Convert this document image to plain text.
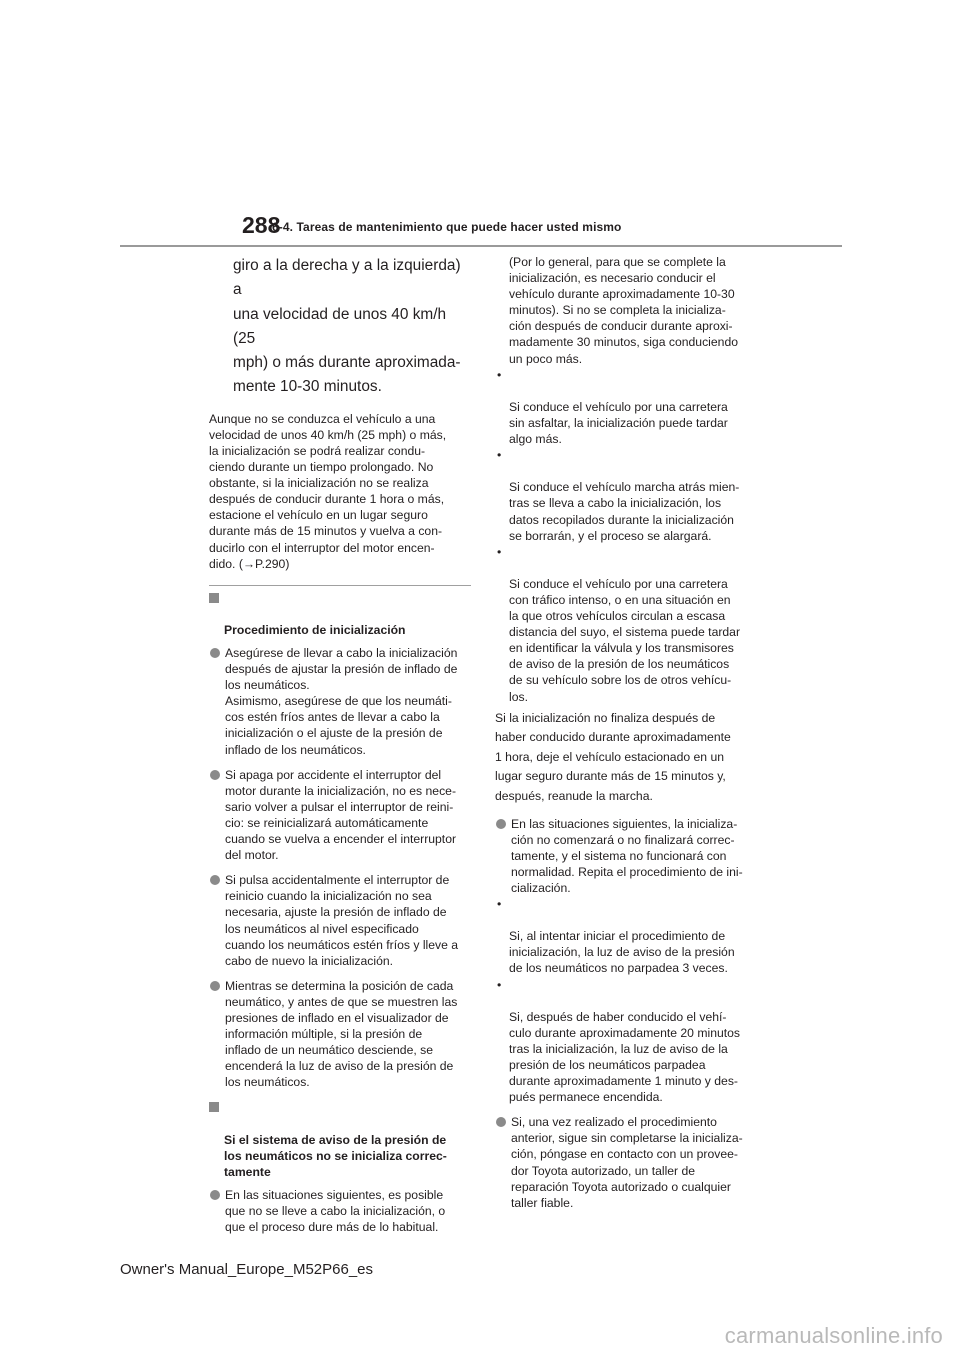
288
6-4. Tareas de mantenimiento que puede hacer usted mismo

giro a la derecha y a la izquierda) a
una velocidad de unos 40 km/h (25
mph) o más durante aproximada-
mente 10-30 minutos.

Aunque no se conduzca el vehículo a una
velocidad de unos 40 km/h (25 mph) o más,
la inicialización se podrá realizar condu-
ciendo durante un tiempo prolongado. No
obstante, si la inicialización no se realiza
después de conducir durante 1 hora o más,
estacione el vehículo en un lugar seguro
durante más de 15 minutos y vuelva a con-
ducirlo con el interruptor del motor encen-
dido. (→P.290)

Procedimiento de inicialización

Asegúrese de llevar a cabo la inicialización
después de ajustar la presión de inflado de
los neumáticos.
Asimismo, asegúrese de que los neumáti-
cos estén fríos antes de llevar a cabo la
inicialización o el ajuste de la presión de
inflado de los neumáticos.

Si apaga por accidente el interruptor del
motor durante la inicialización, no es nece-
sario volver a pulsar el interruptor de reini-
cio: se reinicializará automáticamente
cuando se vuelva a encender el interruptor
del motor.

Si pulsa accidentalmente el interruptor de
reinicio cuando la inicialización no sea
necesaria, ajuste la presión de inflado de
los neumáticos al nivel especificado
cuando los neumáticos estén fríos y lleve a
cabo de nuevo la inicialización.

Mientras se determina la posición de cada
neumático, y antes de que se muestren las
presiones de inflado en el visualizador de
información múltiple, si la presión de
inflado de un neumático desciende, se
encenderá la luz de aviso de la presión de
los neumáticos.

Si el sistema de aviso de la presión de
los neumáticos no se inicializa correc-
tamente

En las situaciones siguientes, es posible
que no se lleve a cabo la inicialización, o
que el proceso dure más de lo habitual.

(Por lo general, para que se complete la
inicialización, es necesario conducir el
vehículo durante aproximadamente 10-30
minutos). Si no se completa la inicializa-
ción después de conducir durante aproxi-
madamente 30 minutos, siga conduciendo
un poco más.

•

Si conduce el vehículo por una carretera
sin asfaltar, la inicialización puede tardar
algo más.

•

Si conduce el vehículo marcha atrás mien-
tras se lleva a cabo la inicialización, los
datos recopilados durante la inicialización
se borrarán, y el proceso se alargará.

•

Si conduce el vehículo por una carretera
con tráfico intenso, o en una situación en
la que otros vehículos circulan a escasa
distancia del suyo, el sistema puede tardar
en identificar la válvula y los transmisores
de aviso de la presión de los neumáticos
de su vehículo sobre los de otros vehícu-
los.

Si la inicialización no finaliza después de
haber conducido durante aproximadamente
1 hora, deje el vehículo estacionado en un
lugar seguro durante más de 15 minutos y,
después, reanude la marcha.

En las situaciones siguientes, la inicializa-
ción no comenzará o no finalizará correc-
tamente, y el sistema no funcionará con
normalidad. Repita el procedimiento de ini-
cialización.

•

Si, al intentar iniciar el procedimiento de
inicialización, la luz de aviso de la presión
de los neumáticos no parpadea 3 veces.

•

Si, después de haber conducido el vehí-
culo durante aproximadamente 20 minutos
tras la inicialización, la luz de aviso de la
presión de los neumáticos parpadea
durante aproximadamente 1 minuto y des-
pués permanece encendida.

Si, una vez realizado el procedimiento
anterior, sigue sin completarse la inicializa-
ción, póngase en contacto con un provee-
dor Toyota autorizado, un taller de
reparación Toyota autorizado o cualquier
taller fiable.

Owner's Manual_Europe_M52P66_es
carmanualsonline.info
